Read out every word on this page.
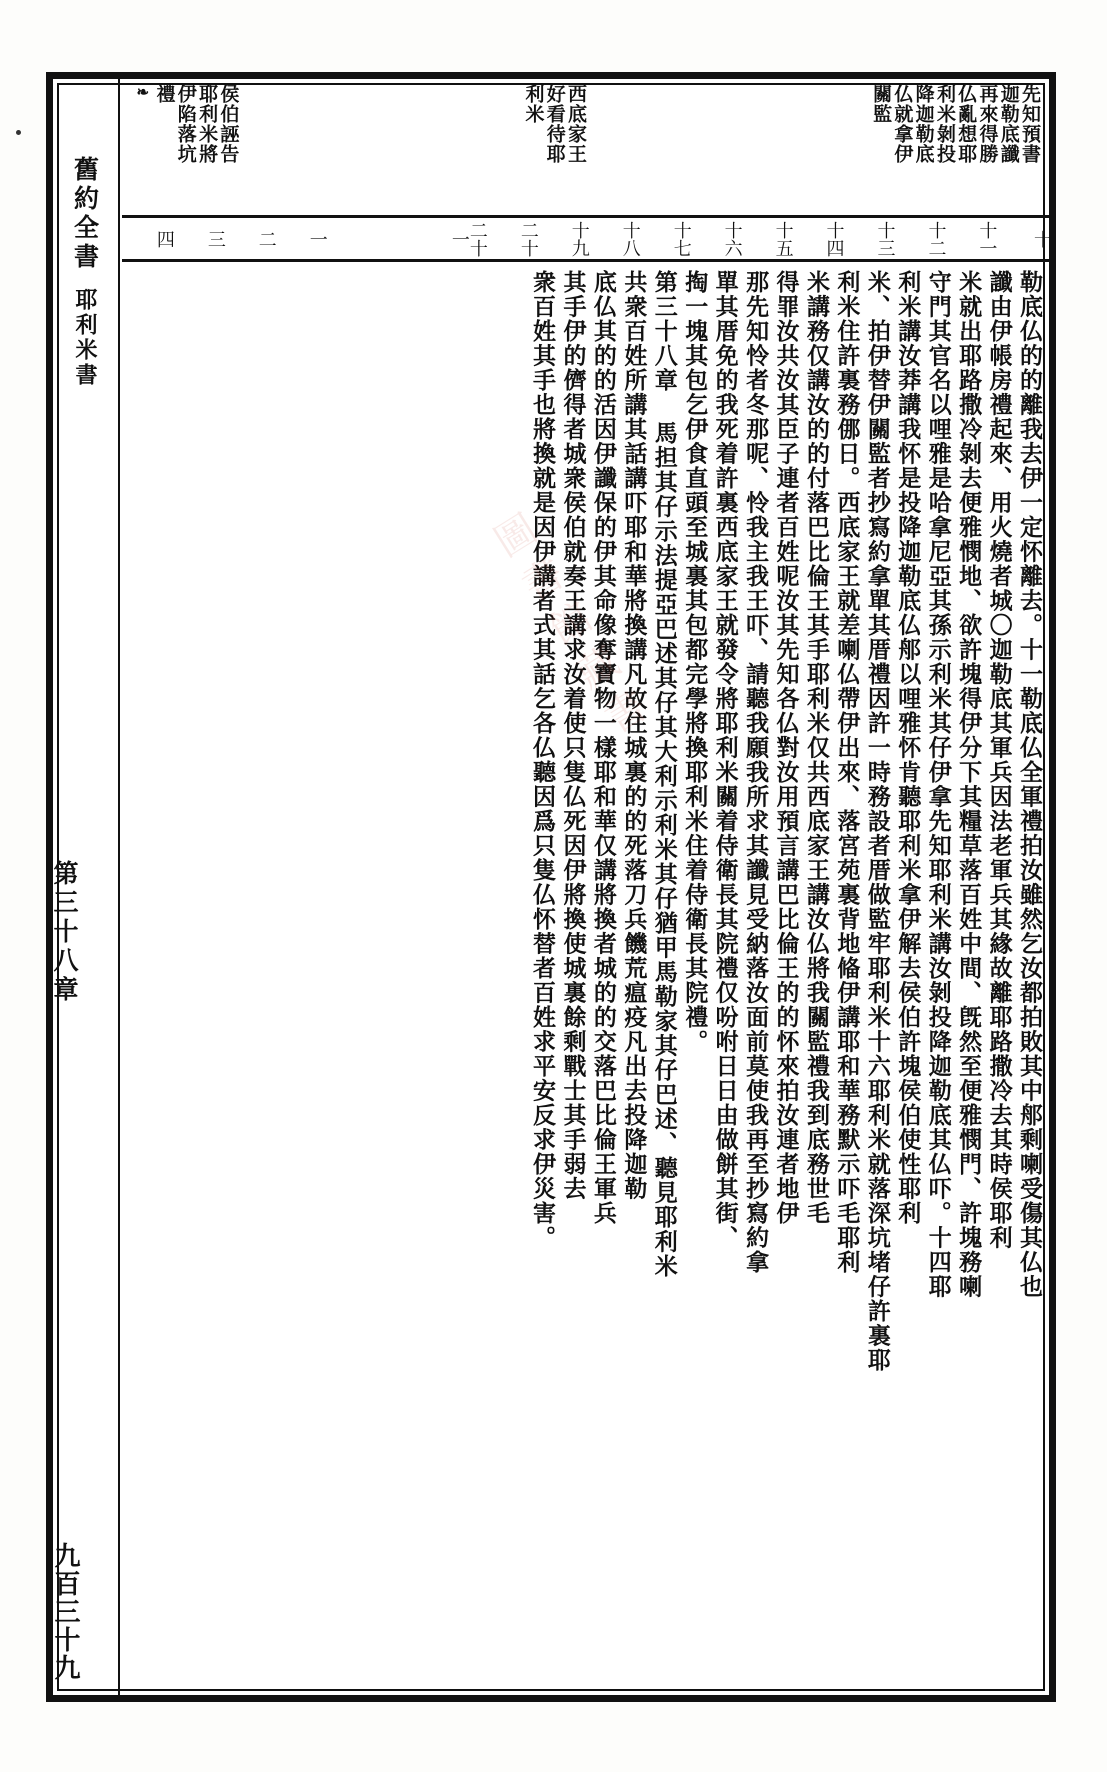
舊約全書
耶利米書
第三十八章
九百三十九
先知預書
迦勒底讖
再來得勝
仏亂想耶
利米剝投
降迦勒底
仏就拿伊
關監
西底家王
好看待耶
利米
侯伯誣告
耶利米將
伊陷落坑
禮
❧
十
十一
十二
十三
十四
十五
十六
十七
十八
十九
二十
二十一
一
二
三
四
勒底仏的的離我去伊一定怀離去。十一勒底仏全軍禮拍汝雖然乞汝都拍敗其中郍剩喇受傷其仏也
讖由伊帳房禮起來、用火燒者城〇迦勒底其軍兵因法老軍兵其緣故離耶路撒冷去其時侯耶利
米就出耶路撒冷剝去便雅憫地、欲許塊得伊分下其糧草落百姓中間、旣然至便雅憫門、許塊務喇
守門其官名以哩雅是哈拿尼亞其孫示利米其仔伊拿先知耶利米講汝剝投降迦勒底其仏吓。十四耶
利米講汝莽講我怀是投降迦勒底仏郍以哩雅怀肯聽耶利米拿伊解去侯伯許塊侯伯使性耶利
米、拍伊替伊關監者抄寫約拿單其厝禮因許一時務設者厝做監牢耶利米十六耶利米就落深坑堵仔許裏耶
利米住許裏務㑚日。西底家王就差喇仏帶伊出來、落宮苑裏背地偹伊講耶和華務默示吓毛耶利
米講務仅講汝的的付落巴比倫王其手耶利米仅共西底家王講汝仏將我關監禮我到底務世毛
得罪汝共汝其臣子連者百姓呢汝其先知各仏對汝用預言講巴比倫王的的怀來拍汝連者地伊
那先知怜者冬那呢、怜我主我王吓、請聽我願我所求其讖見受納落汝面前莫使我再至抄寫約拿
單其厝免的我死着許裏西底家王就發令將耶利米關着侍衛長其院禮仅吩咐日日由做餅其街、
掏一塊其包乞伊食直頭至城裏其包都完學將換耶利米住着侍衛長其院禮。
第三十八章 馬担其仔示法提亞巴述其仔其大利示利米其仔猶甲馬勒家其仔巴述、聽見耶利米
共衆百姓所講其話講吓耶和華將換講凡故住城裏的的死落刀兵饑荒瘟疫凡出去投降迦勒
底仏其的的活因伊讖保的伊其命像奪寶物一樣耶和華仅講將換者城的的交落巴比倫王軍兵
其手伊的儕得者城衆侯伯就奏王講求汝着使只隻仏死因伊將換使城裏餘剩戰士其手弱去
衆百姓其手也將換就是因伊講者式其話乞各仏聽因爲只隻仏怀替者百姓求平安反求伊災害。
